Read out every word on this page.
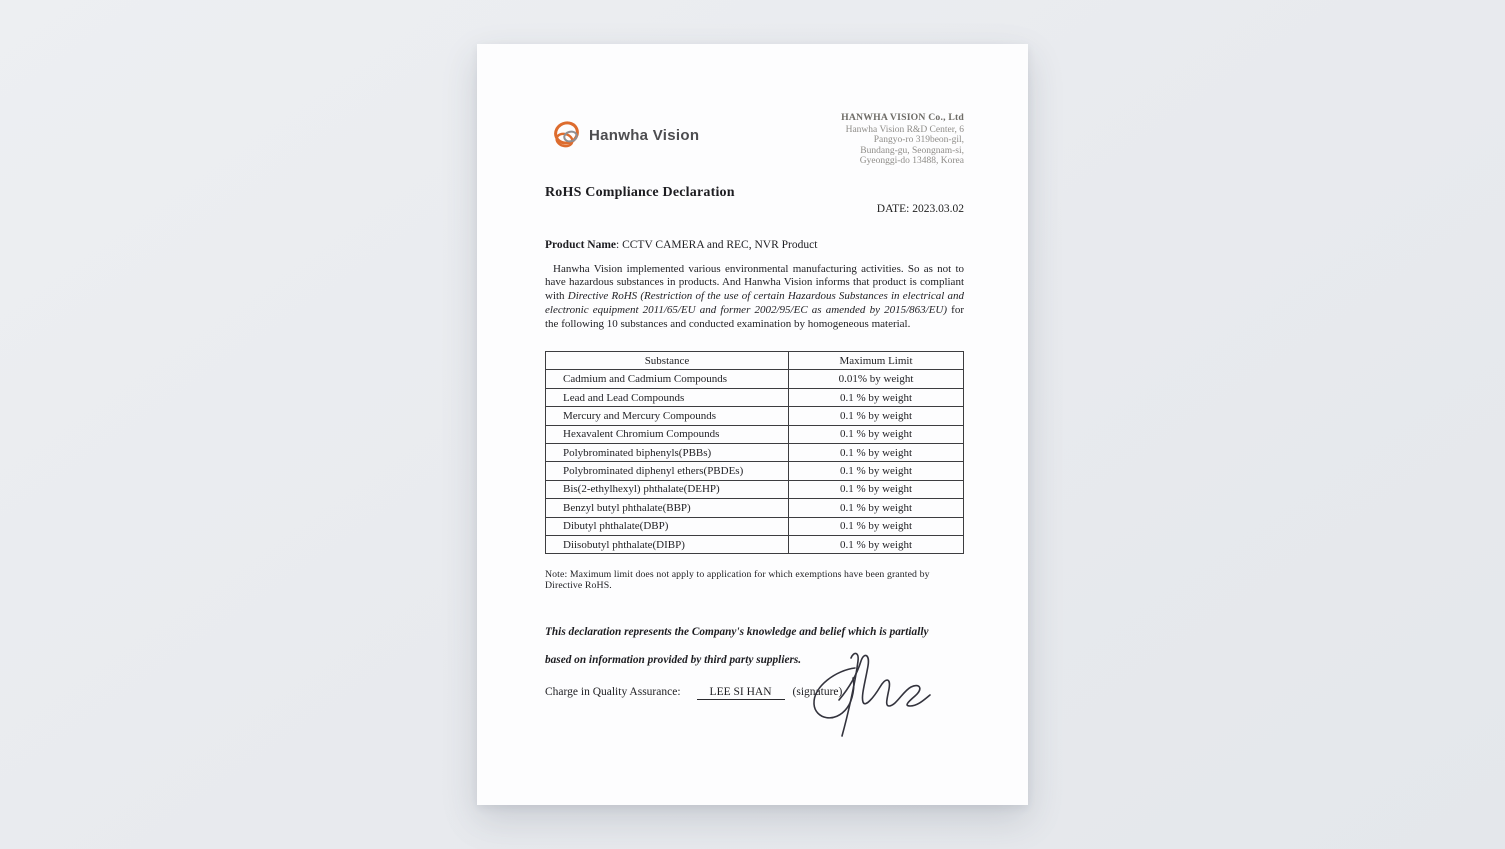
Hanwha Vision
HANWHA VISION Co., Ltd
Hanwha Vision R&D Center, 6
Pangyo-ro 319beon-gil,
Bundang-gu, Seongnam-si,
Gyeonggi-do 13488, Korea
RoHS Compliance Declaration
DATE: 2023.03.02
Product Name: CCTV CAMERA and REC, NVR Product

Hanwha Vision implemented various environmental manufacturing activities. So as not to have hazardous substances in products. And Hanwha Vision informs that product is compliant with Directive RoHS (Restriction of the use of certain Hazardous Substances in electrical and electronic equipment 2011/65/EU and former 2002/95/EC as amended by 2015/863/EU) for the following 10 substances and conducted examination by homogeneous material.

Substance	Maximum Limit
Cadmium and Cadmium Compounds	0.01% by weight
Lead and Lead Compounds	0.1 % by weight
Mercury and Mercury Compounds	0.1 % by weight
Hexavalent Chromium Compounds	0.1 % by weight
Polybrominated biphenyls(PBBs)	0.1 % by weight
Polybrominated diphenyl ethers(PBDEs)	0.1 % by weight
Bis(2-ethylhexyl) phthalate(DEHP)	0.1 % by weight
Benzyl butyl phthalate(BBP)	0.1 % by weight
Dibutyl phthalate(DBP)	0.1 % by weight
Diisobutyl phthalate(DIBP)	0.1 % by weight
Note: Maximum limit does not apply to application for which exemptions have been granted by Directive RoHS.
This declaration represents the Company's knowledge and belief which is partially
based on information provided by third party suppliers.
Charge in Quality Assurance:	LEE SI HAN	(signature)
